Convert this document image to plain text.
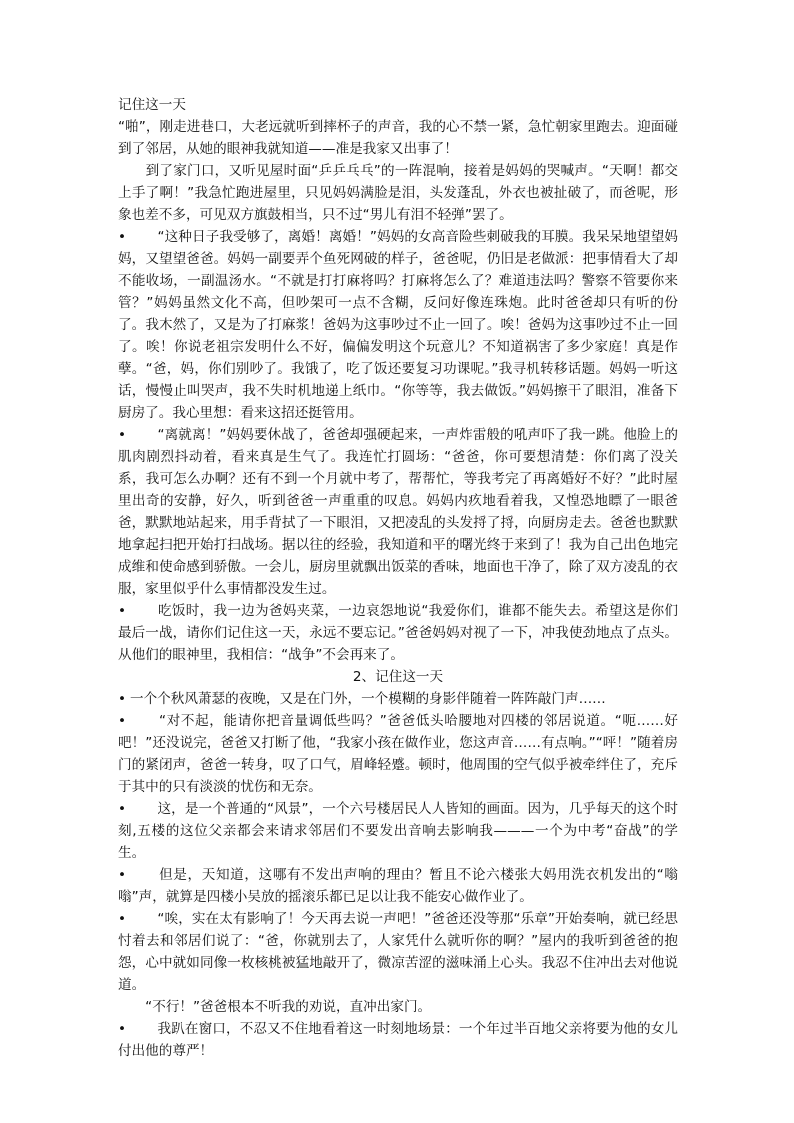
记住这一天

“啪”，刚走进巷口，大老远就听到摔杯子的声音，我的心不禁一紧，急忙朝家里跑去。迎面碰到了邻居，从她的眼神我就知道——准是我家又出事了！

　　到了家门口，又听见屋时面“乒乒乓乓”的一阵混响，接着是妈妈的哭喊声。“天啊！都交上手了啊！”我急忙跑进屋里，只见妈妈满脸是泪，头发蓬乱，外衣也被扯破了，而爸呢，形象也差不多，可见双方旗鼓相当，只不过“男儿有泪不轻弹”罢了。

•　　“这种日子我受够了，离婚！离婚！”妈妈的女高音险些刺破我的耳膜。我呆呆地望望妈妈，又望望爸爸。妈妈一副要弄个鱼死网破的样子，爸爸呢，仍旧是老做派：把事情看大了却不能收场，一副温汤水。“不就是打打麻将吗？打麻将怎么了？难道违法吗？警察不管要你来管？”妈妈虽然文化不高，但吵架可一点不含糊，反问好像连珠炮。此时爸爸却只有听的份了。我木然了，又是为了打麻浆！爸妈为这事吵过不止一回了。唉！爸妈为这事吵过不止一回了。唉！你说老祖宗发明什么不好，偏偏发明这个玩意儿？不知道祸害了多少家庭！真是作孽。“爸，妈，你们别吵了。我饿了，吃了饭还要复习功课呢。”我寻机转移话题。妈妈一听这话，慢慢止叫哭声，我不失时机地递上纸巾。“你等等，我去做饭。”妈妈擦干了眼泪，准备下厨房了。我心里想：看来这招还挺管用。

•　　“离就离！”妈妈要休战了，爸爸却强硬起来，一声炸雷般的吼声吓了我一跳。他脸上的肌肉剧烈抖动着，看来真是生气了。我连忙打圆场：“爸爸，你可要想清楚：你们离了没关系，我可怎么办啊？还有不到一个月就中考了，帮帮忙，等我考完了再离婚好不好？”此时屋里出奇的安静，好久，听到爸爸一声重重的叹息。妈妈内疚地看着我，又惶恐地瞟了一眼爸爸，默默地站起来，用手背拭了一下眼泪，又把凌乱的头发捋了捋，向厨房走去。爸爸也默默地拿起扫把开始打扫战场。据以往的经验，我知道和平的曙光终于来到了！我为自己出色地完成维和使命感到骄傲。一会儿，厨房里就飘出饭菜的香味，地面也干净了，除了双方凌乱的衣服，家里似乎什么事情都没发生过。

•　　吃饭时，我一边为爸妈夹菜，一边哀怨地说“我爱你们，谁都不能失去。希望这是你们最后一战，请你们记住这一天，永远不要忘记。”爸爸妈妈对视了一下，冲我使劲地点了点头。从他们的眼神里，我相信：“战争”不会再来了。

2、记住这一天

• 一个个秋风萧瑟的夜晚，又是在门外，一个模糊的身影伴随着一阵阵敲门声……

•　　“对不起，能请你把音量调低些吗？”爸爸低头哈腰地对四楼的邻居说道。“呃……好吧！”还没说完，爸爸又打断了他，“我家小孩在做作业，您这声音……有点响。”“呯！”随着房门的紧闭声，爸爸一转身，叹了口气，眉峰轻蹙。顿时，他周围的空气似乎被牵绊住了，充斥于其中的只有淡淡的忧伤和无奈。

•　　这，是一个普通的“风景”，一个六号楼居民人人皆知的画面。因为，几乎每天的这个时刻,五楼的这位父亲都会来请求邻居们不要发出音响去影响我———一个为中考“奋战”的学生。

•　　但是，天知道，这哪有不发出声响的理由？暂且不论六楼张大妈用洗衣机发出的“嗡嗡”声，就算是四楼小吴放的摇滚乐都已足以让我不能安心做作业了。

•　　“唉，实在太有影响了！今天再去说一声吧！”爸爸还没等那“乐章”开始奏响，就已经思忖着去和邻居们说了：“爸，你就别去了，人家凭什么就听你的啊？”屋内的我听到爸爸的抱怨，心中就如同像一枚核桃被猛地敲开了，微凉苦涩的滋味涌上心头。我忍不住冲出去对他说道。

　　“不行！”爸爸根本不听我的劝说，直冲出家门。

•　　我趴在窗口，不忍又不住地看着这一时刻地场景：一个年过半百地父亲将要为他的女儿付出他的尊严！
